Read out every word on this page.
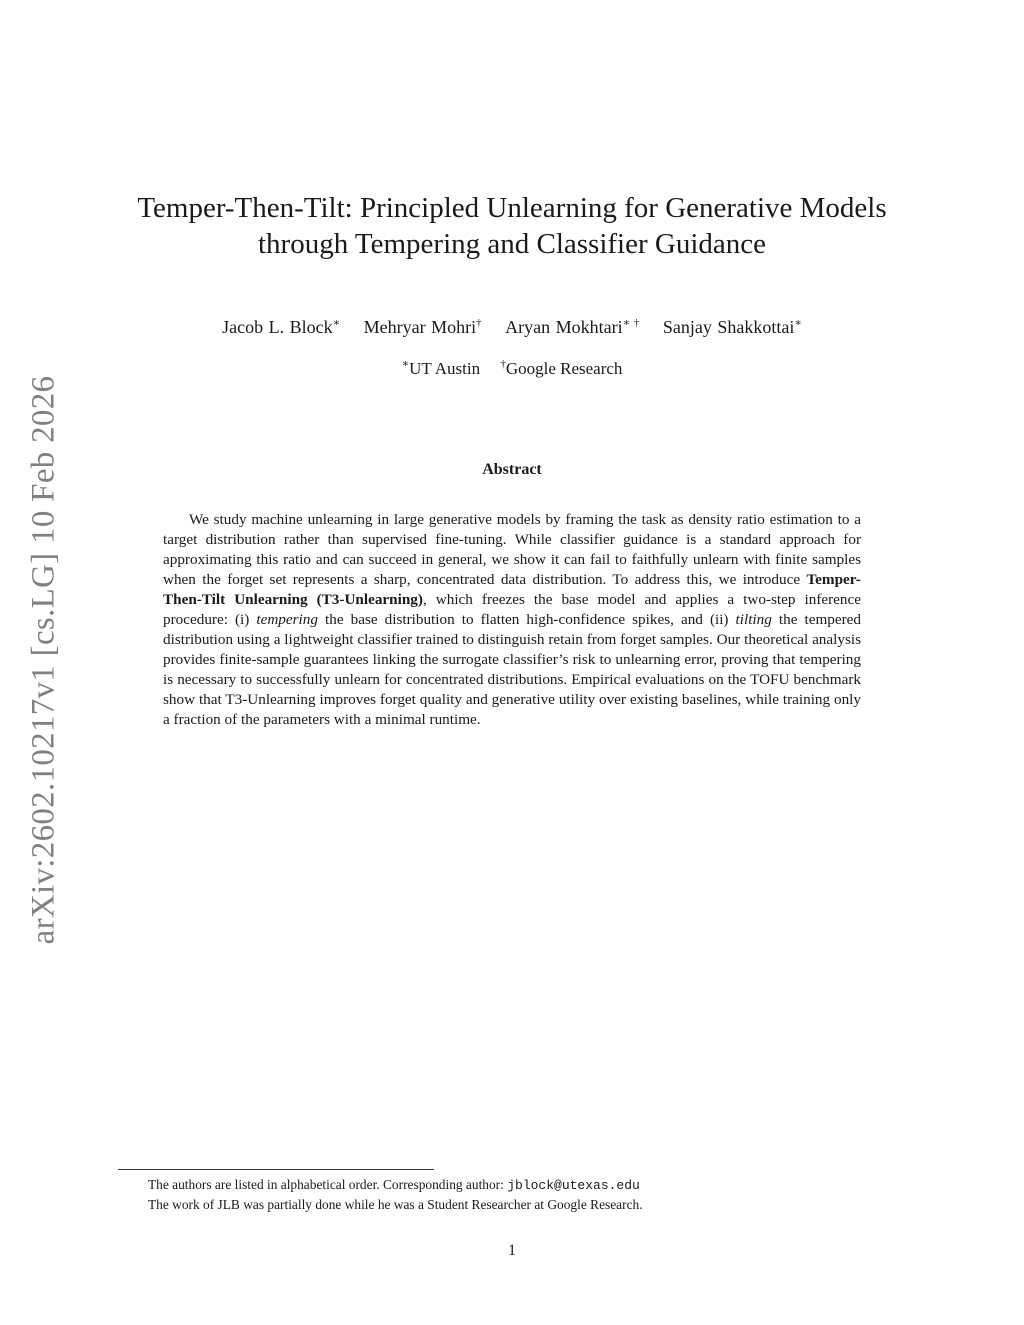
arXiv:2602.10217v1 [cs.LG] 10 Feb 2026
Temper-Then-Tilt: Principled Unlearning for Generative Models
through Tempering and Classifier Guidance
Jacob L. Block∗ Mehryar Mohri† Aryan Mokhtari∗ † Sanjay Shakkottai∗
∗UT Austin †Google Research
Abstract
We study machine unlearning in large generative models by framing the task as density ratio estimation to a target distribution rather than supervised fine-tuning. While classifier guidance is a standard approach for approximating this ratio and can succeed in general, we show it can fail to faithfully unlearn with finite samples when the forget set represents a sharp, concentrated data distribution. To address this, we introduce Temper-Then-Tilt Unlearning (T3-Unlearning), which freezes the base model and applies a two-step inference procedure: (i) tempering the base distribution to flatten high-confidence spikes, and (ii) tilting the tempered distribution using a lightweight classifier trained to distinguish retain from forget samples. Our theoretical analysis provides finite-sample guarantees linking the surrogate classifier’s risk to unlearning error, proving that tempering is necessary to successfully unlearn for concentrated distributions. Empirical evaluations on the TOFU benchmark show that T3-Unlearning improves forget quality and generative utility over existing baselines, while training only a fraction of the parameters with a minimal runtime.
The authors are listed in alphabetical order. Corresponding author: jblock@utexas.edu
The work of JLB was partially done while he was a Student Researcher at Google Research.
1
